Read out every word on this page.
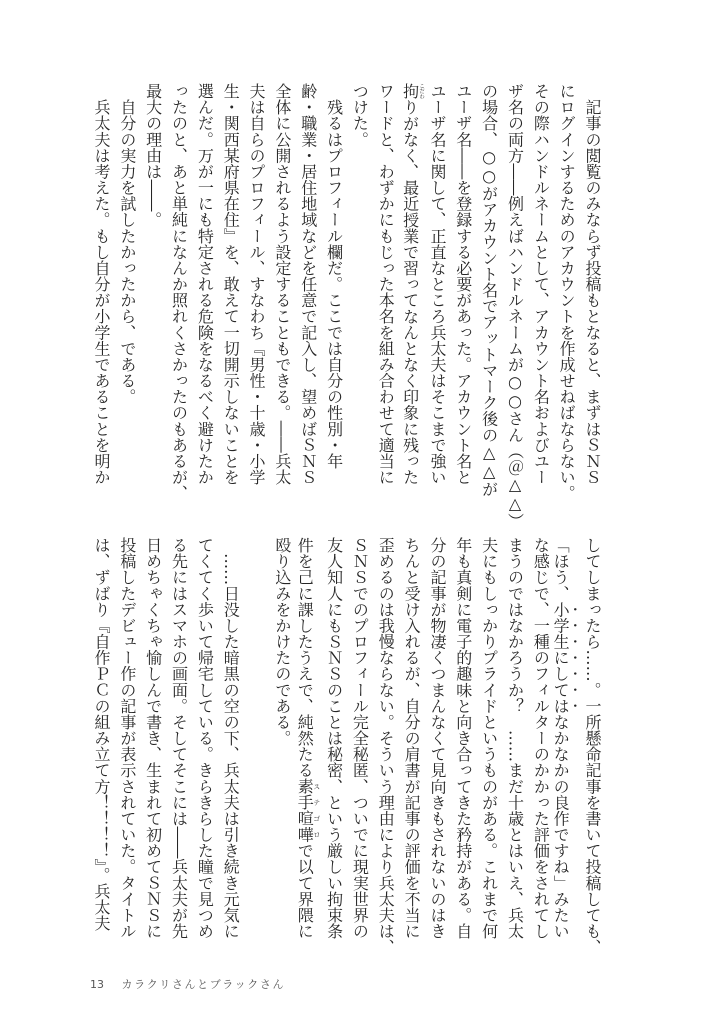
　記事の閲覧のみならず投稿もとなると、まずはＳＮＳ
にログインするためのアカウントを作成せねばならない。
その際ハンドルネームとして、アカウント名およびユー
ザ名の両方――例えばハンドルネームが○○さん（＠△△）
の場合、○○がアカウント名でアットマーク後の△△が
ユーザ名――を登録する必要があった。アカウント名と
ユーザ名に関して、正直なところ兵太夫はそこまで強い
拘こだわりがなく、最近授業で習ってなんとなく印象に残った
ワードと、わずかにもじった本名を組み合わせて適当に
つけた。
　残るはプロフィール欄だ。ここでは自分の性別・年
齢・職業・居住地域などを任意で記入し、望めばＳＮＳ
全体に公開されるよう設定することもできる。――兵太
夫は自らのプロフィール、すなわち『男性・十歳・小学
生・関西某府県在住』を、敢えて一切開示しないことを
選んだ。万が一にも特定される危険をなるべく避けたか
ったのと、あと単純になんか照れくさかったのもあるが、
最大の理由は――。
　自分の実力を試したかったから、である。
　兵太夫は考えた。もし自分が小学生であることを明か
してしまったら……。一所懸命記事を書いて投稿しても、
「ほう、小学生にしてはなかなかの良作ですね」みたい
な感じで、一種のフィルターのかかった評価をされてし
まうのではなかろうか？　……まだ十歳とはいえ、兵太
夫にもしっかりプライドというものがある。これまで何
年も真剣に電子的趣味と向き合ってきた矜持がある。自
分の記事が物凄くつまんなくて見向きもされないのはき
ちんと受け入れるが、自分の肩書が記事の評価を不当に
歪めるのは我慢ならない。そういう理由により兵太夫は、
ＳＮＳでのプロフィール完全秘匿、ついでに現実世界の
友人知人にもＳＮＳのことは秘密、という厳しい拘束条
件を己に課したうえで、純然たる素手喧嘩ステゴロで以て界隈に
殴り込みをかけたのである。
　……日没した暗黒の空の下、兵太夫は引き続き元気に
てくてく歩いて帰宅している。きらきらした瞳で見つめ
る先にはスマホの画面。そしてそこには――兵太夫が先
日めちゃくちゃ愉しんで書き、生まれて初めてＳＮＳに
投稿したデビュー作の記事が表示されていた。タイトル
は、ずばり『自作ＰＣの組み立て方！！！！』。兵太夫
13 カラクリさんとブラックさん
